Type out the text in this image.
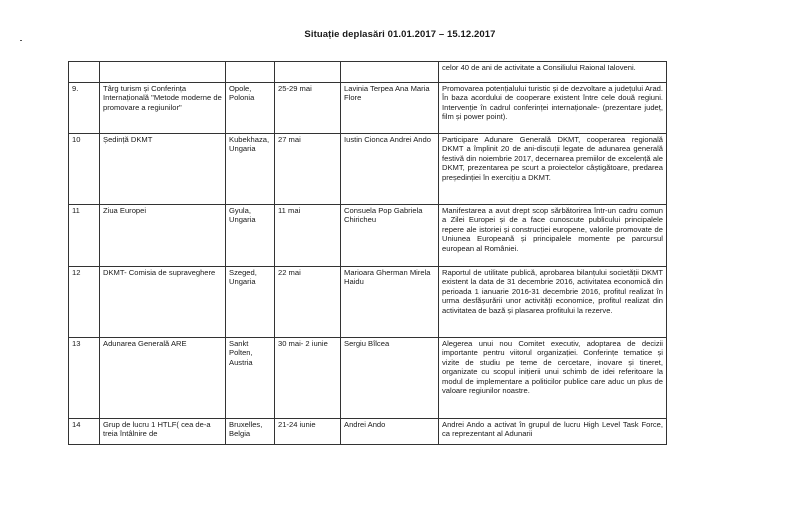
Situație deplasări 01.01.2017 – 15.12.2017
					celor 40 de ani de activitate a Consiliului Raional Ialoveni.
9.	Târg turism și Conferința Internațională "Metode moderne de promovare a regiunilor"	Opole, Polonia	25-29 mai	Lavinia Terpea Ana Maria Flore	Promovarea potențialului turistic și de dezvoltare a județului Arad. În baza acordului de cooperare existent între cele două regiuni. Intervenție în cadrul conferinței internaționale- (prezentare județ, film și power point).
10	Ședință DKMT	Kubekhaza, Ungaria	27 mai	Iustin Cionca Andrei Ando	Participare Adunare Generală DKMT, cooperarea regională DKMT a împlinit 20 de ani-discuții legate de adunarea generală festivă din noiembrie 2017, decernarea premiilor de excelență ale DKMT, prezentarea pe scurt a proiectelor câștigătoare, predarea președinției în exercițiu a DKMT.
11	Ziua Europei	Gyula, Ungaria	11 mai	Consuela Pop Gabriela Chiricheu	Manifestarea a avut drept scop sărbătorirea într-un cadru comun a Zilei Europei și de a face cunoscute publicului principalele repere ale istoriei și construcției europene, valorile promovate de Uniunea Europeană și principalele momente pe parcursul european al României.
12	DKMT- Comisia de supraveghere	Szeged, Ungaria	22 mai	Marioara Gherman Mirela Haidu	Raportul de utilitate publică, aprobarea bilanțului societății DKMT existent la data de 31 decembrie 2016, activitatea economică din perioada 1 ianuarie 2016-31 decembrie 2016, profitul realizat în urma desfășurării unor activități economice, profitul realizat din activitatea de bază și plasarea profitului la rezerve.
13	Adunarea Generală ARE	Sankt Polten, Austria	30 mai- 2 iunie	Sergiu Bîlcea	Alegerea unui nou Comitet executiv, adoptarea de decizii importante pentru viitorul organizației. Conferințe tematice și vizite de studiu pe teme de cercetare, inovare și tineret, organizate cu scopul inițierii unui schimb de idei referitoare la modul de implementare a politicilor publice care aduc un plus de valoare regiunilor noastre.
14	Grup de lucru 1 HTLF( cea de-a treia întâlnire de	Bruxelles, Belgia	21-24 iunie	Andrei Ando	Andrei Ando a activat în grupul de lucru High Level Task Force, ca reprezentant al Adunarii
